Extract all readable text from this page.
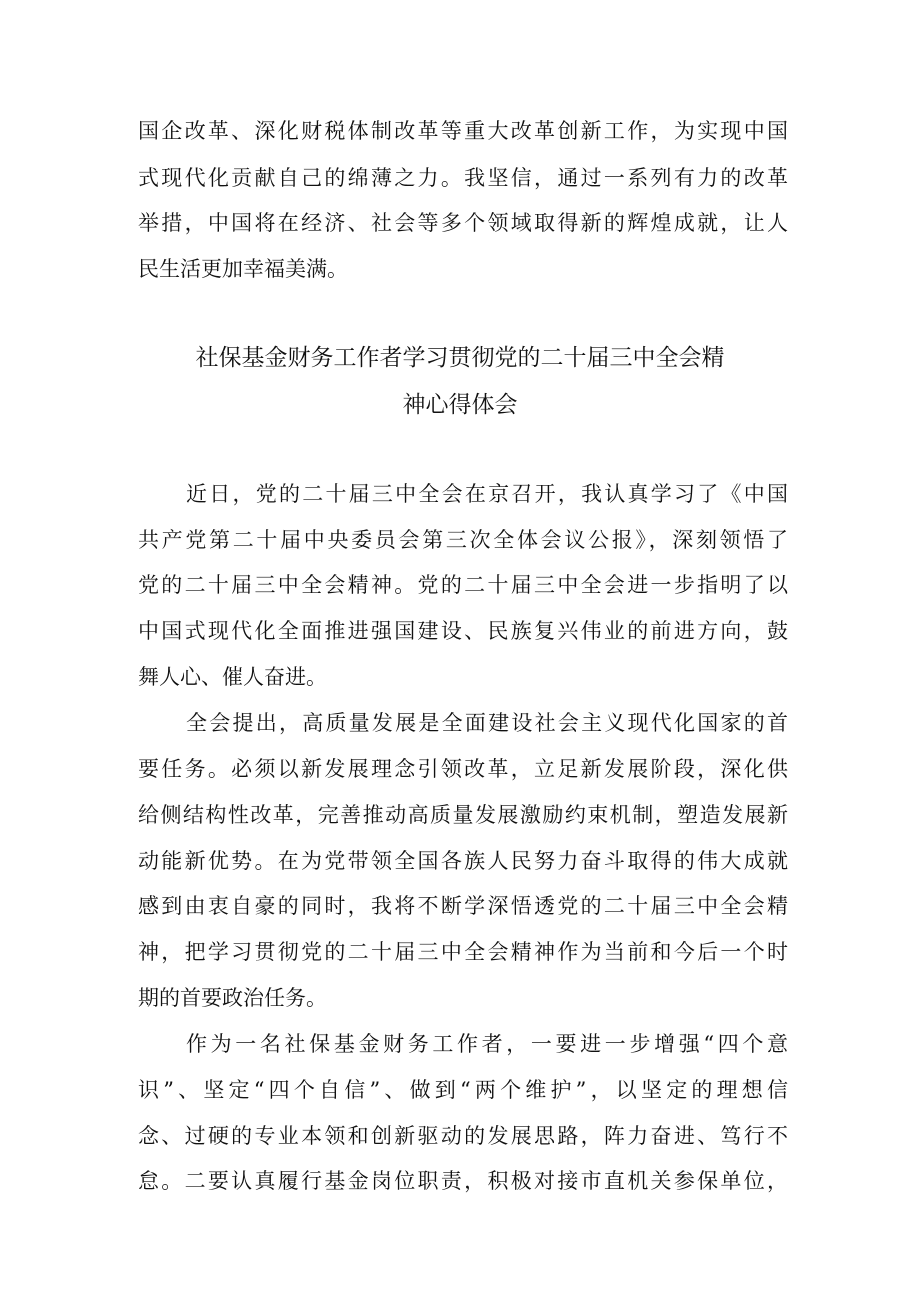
国企改革、深化财税体制改革等重大改革创新工作，为实现中国
式现代化贡献自己的绵薄之力。我坚信，通过一系列有力的改革
举措，中国将在经济、社会等多个领域取得新的辉煌成就，让人
民生活更加幸福美满。
社保基金财务工作者学习贯彻党的二十届三中全会精
神心得体会
近日，党的二十届三中全会在京召开，我认真学习了《中国
共产党第二十届中央委员会第三次全体会议公报》，深刻领悟了
党的二十届三中全会精神。党的二十届三中全会进一步指明了以
中国式现代化全面推进强国建设、民族复兴伟业的前进方向，鼓
舞人心、催人奋进。
全会提出，高质量发展是全面建设社会主义现代化国家的首
要任务。必须以新发展理念引领改革，立足新发展阶段，深化供
给侧结构性改革，完善推动高质量发展激励约束机制，塑造发展新
动能新优势。在为党带领全国各族人民努力奋斗取得的伟大成就
感到由衷自豪的同时，我将不断学深悟透党的二十届三中全会精
神，把学习贯彻党的二十届三中全会精神作为当前和今后一个时
期的首要政治任务。
作为一名社保基金财务工作者，一要进一步增强“四个意
识”、坚定“四个自信”、做到“两个维护”，以坚定的理想信
念、过硬的专业本领和创新驱动的发展思路，阵力奋进、笃行不
怠。二要认真履行基金岗位职责，积极对接市直机关参保单位，
